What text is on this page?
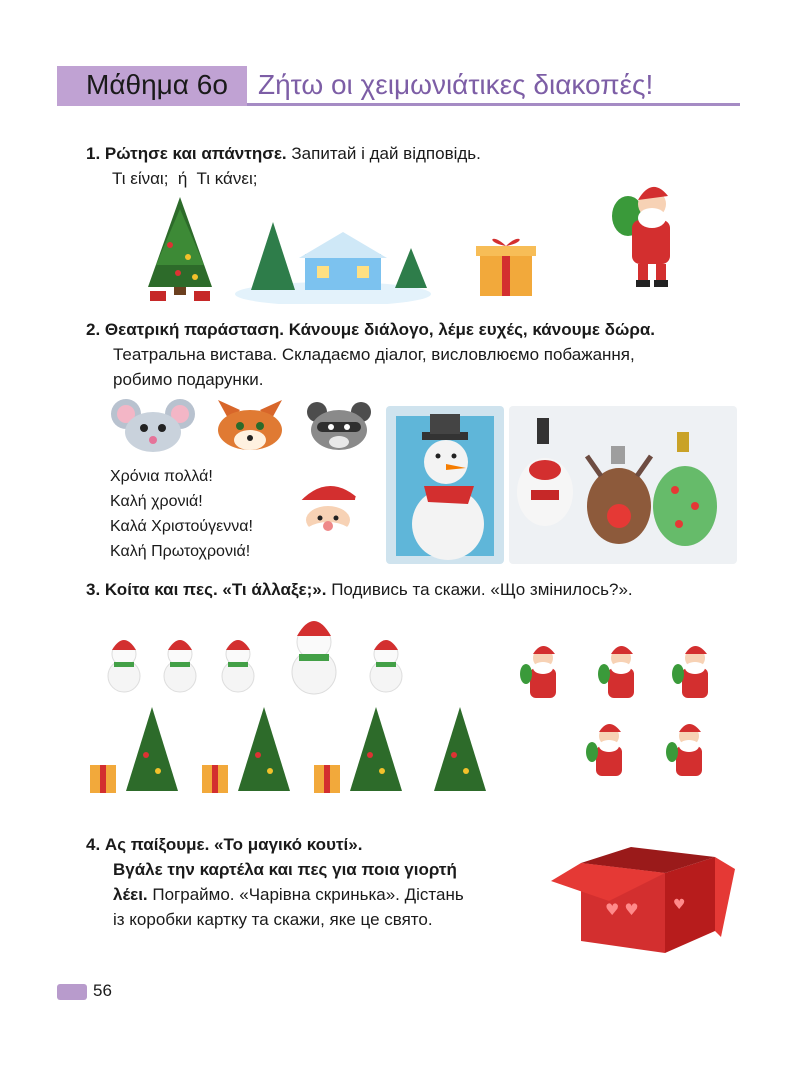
Μάθημα 6ο Ζήτω οι χειμωνιάτικες διακοπές!
1. Ρώτησε και απάντησε. Запитай і дай відповідь.
Τι είναι; ή Τι κάνει;
2. Θεατρική παράσταση. Κάνουμε διάλογο, λέμε ευχές, κάνουμε δώρα.
Театральна вистава. Складаємо діалог, висловлюємо побажання,
робимо подарунки.
Χρόνια πολλά!
Καλή χρονιά!
Καλά Χριστούγεννα!
Καλή Πρωτοχρονιά!
3. Κοίτα και πες. «Τι άλλαξε;». Подивись та скажи. «Що змінилось?».
4. Ας παίξουμε. «Το μαγικό κουτί».
Βγάλε την καρτέλα και πες για ποια γιορτή
λέει. Пограймо. «Чарівна скринька». Дістань
із коробки картку та скажи, яке це свято.
♥ ♥ ♥
56
